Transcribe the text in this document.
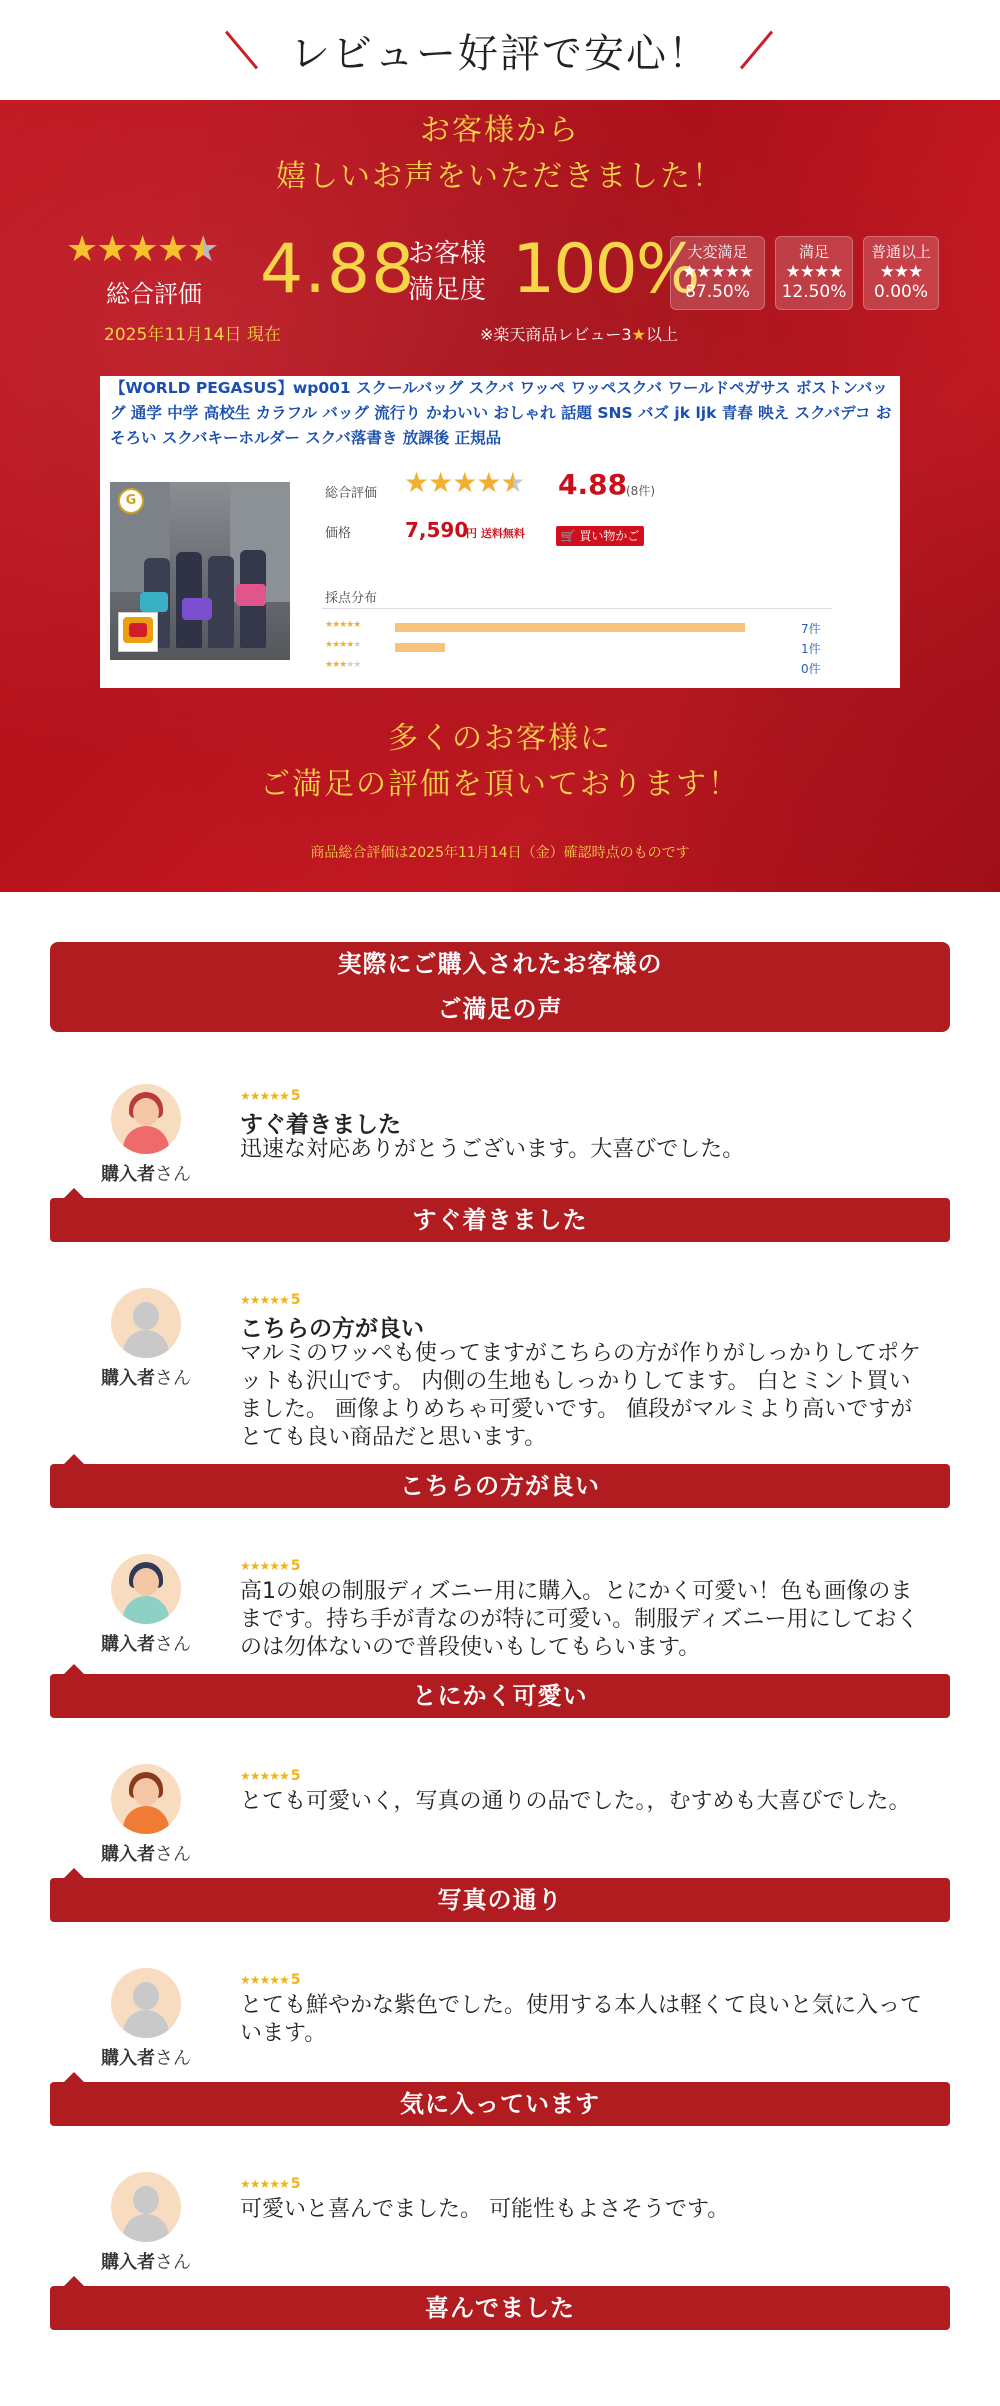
レビュー好評で安心！
お客様から
嬉しいお声をいただきました！
★★★★★
総合評価
2025年11月14日 現在
4.88
お客様
満足度 100%
大変満足
★★★★★
87.50%
満足
★★★★
12.50%
普通以上
★★★
0.00%
※楽天商品レビュー3★以上
【WORLD PEGASUS】wp001 スクールバッグ スクバ ワッペ ワッペスクバ ワールドペガサス ボストンバッグ 通学 中学 高校生 カラフル バッグ 流行り かわいい おしゃれ 話題 SNS バズ jk ljk 青春 映え スクバデコ おそろい スクバキーホルダー スクバ落書き 放課後 正規品
G	総合評価 ★★★★★ 4.88
(8件)
価格	7,590
円 送料無料	🛒 買い物かご
採点分布
★★★★★	7件
★★★★★	1件
★★★★★	0件
多くのお客様に
ご満足の評価を頂いております！
商品総合評価は2025年11月14日（金）確認時点のものです
実際にご購入されたお客様の
ご満足の声
購入者さん
★★★★★ 5
すぐ着きました
迅速な対応ありがとうございます。大喜びでした。
すぐ着きました
購入者さん
★★★★★ 5
こちらの方が良い
マルミのワッペも使ってますがこちらの方が作りがしっかりしてポケットも沢山です。 内側の生地もしっかりしてます。 白とミント買いました。 画像よりめちゃ可愛いです。 値段がマルミより高いですがとても良い商品だと思います。
こちらの方が良い
購入者さん
★★★★★ 5
高1の娘の制服ディズニー用に購入。とにかく可愛い！色も画像のままです。持ち手が青なのが特に可愛い。制服ディズニー用にしておくのは勿体ないので普段使いもしてもらいます。
とにかく可愛い
購入者さん
★★★★★ 5
とても可愛いく，写真の通りの品でした。，むすめも大喜びでした。
写真の通り
購入者さん
★★★★★ 5
とても鮮やかな紫色でした。使用する本人は軽くて良いと気に入っています。
気に入っています
購入者さん
★★★★★ 5
可愛いと喜んでました。 可能性もよさそうです。
喜んでました
